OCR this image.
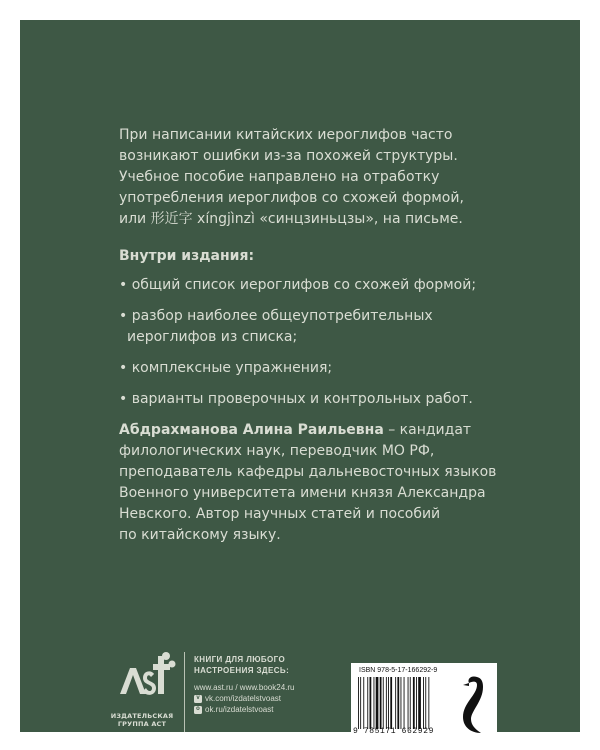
При написании китайских иероглифов часто

возникают ошибки из-за похожей структуры.

Учебное пособие направлено на отработку

употребления иероглифов со схожей формой,

или 形近字 xíngjìnzì «синцзиньцзы», на письме.

Внутри издания:
• общий список иероглифов со схожей формой;
• разбор наиболее общеупотребительных
иероглифов из списка;
• комплексные упражнения;
• варианты проверочных и контрольных работ.

Абдрахманова Алина Раильевна – кандидат

филологических наук, переводчик МО РФ,

преподаватель кафедры дальневосточных языков

Военного университета имени князя Александра

Невского. Автор научных статей и пособий

по китайскому языку.

ИЗДАТЕЛЬСКАЯ
ГРУППА АСТ
КНИГИ ДЛЯ ЛЮБОГО
НАСТРОЕНИЯ ЗДЕСЬ:
www.ast.ru / www.book24.ru
v vk.com/izdatelstvoast
o ok.ru/izdatelstvoast
ISBN 978-5-17-166292-9
9 785171 662929
